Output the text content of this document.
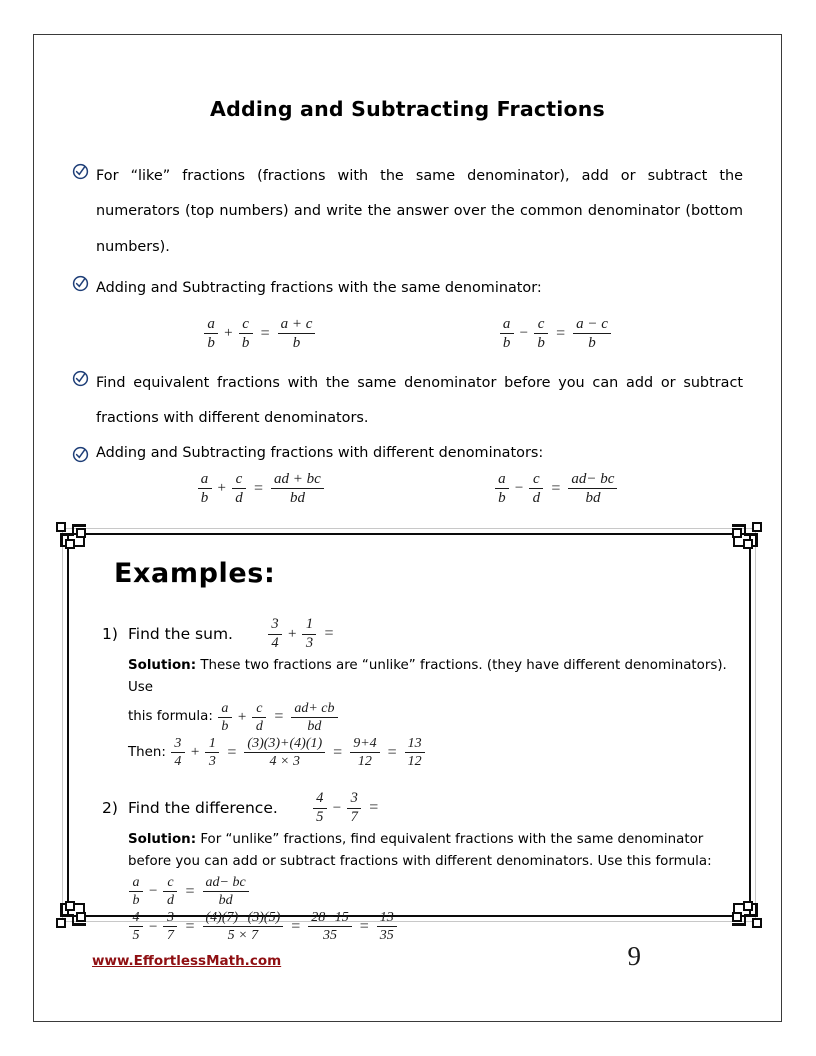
Adding and Subtracting Fractions
For “like” fractions (fractions with the same denominator), add or subtract the numerators (top numbers) and write the answer over the common denominator (bottom numbers).
Adding and Subtracting fractions with the same denominator:
$\frac{a}{b} + \frac{c}{b} = \frac{a + c}{b}$	$\frac{a}{b} - \frac{c}{b} = \frac{a - c}{b}$
Find equivalent fractions with the same denominator before you can add or subtract fractions with different denominators.
Adding and Subtracting fractions with different denominators:
$\frac{a}{b} + \frac{c}{d} = \frac{ad + bc}{bd}$	$\frac{a}{b} - \frac{c}{d} = \frac{ad- bc}{bd}$
Examples:
1) Find the sum. $\frac{3}{4} + \frac{1}{3}$ =
Solution: These two fractions are “unlike” fractions. (they have different denominators). Use
this formula: $\frac{a}{b} + \frac{c}{d} = \frac{ad+ cb}{bd}$
Then: $\frac{3}{4} + \frac{1}{3} = \frac{(3)(3)+(4)(1)}{4 \times 3} = \frac{9+4}{12} = \frac{13}{12}$
2) Find the difference. $\frac{4}{5} - \frac{3}{7}$ =
Solution: For “unlike” fractions, find equivalent fractions with the same denominator before you can add or subtract fractions with different denominators. Use this formula:
$\frac{a}{b} - \frac{c}{d} = \frac{ad- bc}{bd}$
$\frac{4}{5} - \frac{3}{7} = \frac{(4)(7)-(3)(5)}{5 \times 7} = \frac{28-15}{35} = \frac{13}{35}$
www.EffortlessMath.com	9
